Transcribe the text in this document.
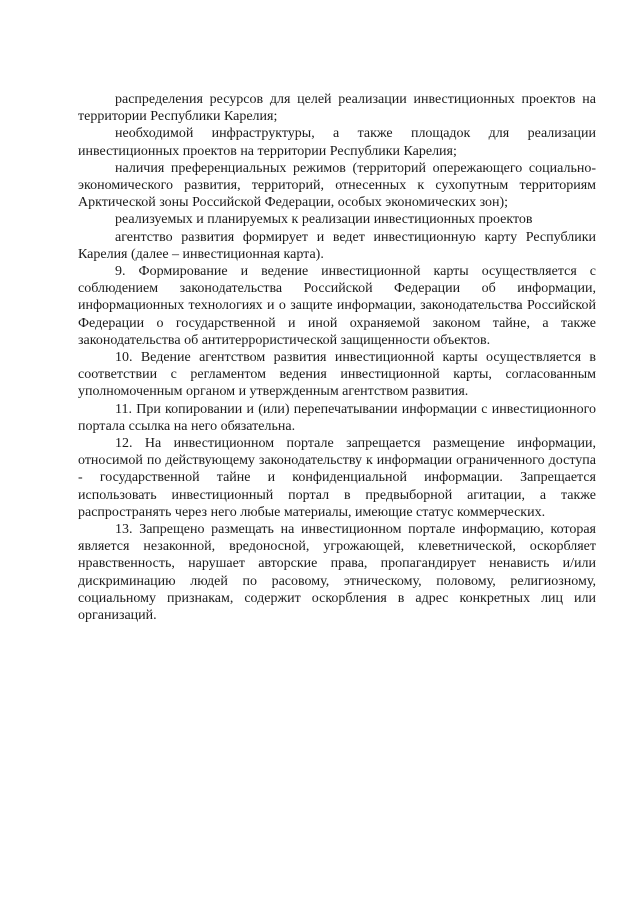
распределения ресурсов для целей реализации инвестиционных проектов на территории Республики Карелия;

необходимой инфраструктуры, а также площадок для реализации инвестиционных проектов на территории Республики Карелия;

наличия преференциальных режимов (территорий опережающего социально-экономического развития, территорий, отнесенных к сухопутным территориям Арктической зоны Российской Федерации, особых экономических зон);

реализуемых и планируемых к реализации инвестиционных проектов

агентство развития формирует и ведет инвестиционную карту Республики Карелия (далее – инвестиционная карта).

9. Формирование и ведение инвестиционной карты осуществляется с соблюдением законодательства Российской Федерации об информации, информационных технологиях и о защите информации, законодательства Российской Федерации о государственной и иной охраняемой законом тайне, а также законодательства об антитеррористической защищенности объектов.

10. Ведение агентством развития инвестиционной карты осуществляется в соответствии с регламентом ведения инвестиционной карты, согласованным уполномоченным органом и утвержденным агентством развития.

11. При копировании и (или) перепечатывании информации с инвестиционного портала ссылка на него обязательна.

12. На инвестиционном портале запрещается размещение информации, относимой по действующему законодательству к информации ограниченного доступа - государственной тайне и конфиденциальной информации. Запрещается использовать инвестиционный портал в предвыборной агитации, а также распространять через него любые материалы, имеющие статус коммерческих.

13. Запрещено размещать на инвестиционном портале информацию, которая является незаконной, вредоносной, угрожающей, клеветнической, оскорбляет нравственность, нарушает авторские права, пропагандирует ненависть и/или дискриминацию людей по расовому, этническому, половому, религиозному, социальному признакам, содержит оскорбления в адрес конкретных лиц или организаций.
